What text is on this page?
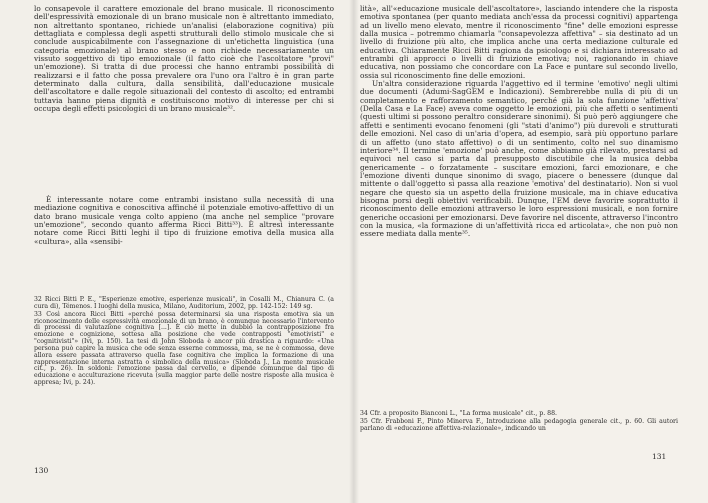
lo consapevole il carattere emozionale del brano musicale. Il riconoscimento dell'espressività emozionale di un brano musicale non è altrettanto immediato, non altrettanto spontaneo, richiede un'analisi (elaborazione cognitiva) più dettagliata e complessa degli aspetti strutturali dello stimolo musicale che si conclude auspicabilmente con l'assegnazione di un'etichetta linguistica (una categoria emozionale) al brano stesso e non richiede necessariamente un vissuto soggettivo di tipo emozionale (il fatto cioè che l'ascoltatore "provi" un'emozione). Si tratta di due processi che hanno entrambi possibilità di realizzarsi e il fatto che possa prevalere ora l'uno ora l'altro è in gran parte determinato dalla cultura, dalla sensibilità, dall'educazione musicale dell'ascoltatore e dalle regole situazionali del contesto di ascolto; ed entrambi tuttavia hanno piena dignità e costituiscono motivo di interesse per chi si occupa degli effetti psicologici di un brano musicale³².

È interessante notare come entrambi insistano sulla necessità di una mediazione cognitiva e conoscitiva affinché il potenziale emotivo-affettivo di un dato brano musicale venga colto appieno (ma anche nel semplice "provare un'emozione", secondo quanto afferma Ricci Bitti³³). È altresì interessante notare come Ricci Bitti leghi il tipo di fruizione emotiva della musica alla «cultura», alla «sensibi-

32 Ricci Bitti P. E., "Esperienze emotive, esperienze musicali", in Cosalli M., Chianura C. (a cura di), Témenos. I luoghi della musica, Milano, Auditorium, 2002, pp. 142-152: 149 sg.

33 Così ancora Ricci Bitti «perché possa determinarsi sia una risposta emotiva sia un riconoscimento delle espressività emozionale di un brano, è comunque necessario l'intervento di processi di valutazione cognitiva [...]. È ciò mette in dubbio la contrapposizione fra emozione e cognizione, sottesa alla posizione che vede contrapposti "emotivisti" e "cognitivisti"» (Ivi, p. 150). La tesi di John Sloboda è ancor più drastica a riguardo: «Una persona può capire la musica che ode senza esserne commossa, ma, se ne è commossa, deve allora essere passata attraverso quella fase cognitiva che implica la formazione di una rappresentazione interna astratta o simbolica della musica» (Sloboda J., La mente musicale cit., p. 26). In soldoni: l'emozione passa dal cervello, e dipende comunque dal tipo di educazione e acculturazione ricevuta (sulla maggior parte delle nostre risposte alla musica è appresa; Ivi, p. 24).

130

lità», all'«educazione musicale dell'ascoltatore», lasciando intendere che la risposta emotiva spontanea (per quanto mediata anch'essa da processi cognitivi) appartenga ad un livello meno elevato, mentre il riconoscimento "fine" delle emozioni espresse dalla musica – potremmo chiamarla "consapevolezza affettiva" – sia destinato ad un livello di fruizione più alto, che implica anche una certa mediazione culturale ed educativa. Chiaramente Ricci Bitti ragiona da psicologo e si dichiara interessato ad entrambi gli approcci o livelli di fruizione emotiva; noi, ragionando in chiave educativa, non possiamo che concordare con La Face e puntare sul secondo livello, ossia sul riconoscimento fine delle emozioni.

Un'altra considerazione riguarda l'aggettivo ed il termine 'emotivo' negli ultimi due documenti (Adumi-SagGEM e Indicazioni). Sembrerebbe nulla di più di un completamento e rafforzamento semantico, perché già la sola funzione 'affettiva' (Della Casa e La Face) aveva come oggetto le emozioni, più che affetti o sentimenti (questi ultimi si possono peraltro considerare sinonimi). Si può però aggiungere che affetti e sentimenti evocano fenomeni (gli "stati d'animo") più durevoli e strutturati delle emozioni. Nel caso di un'aria d'opera, ad esempio, sarà più opportuno parlare di un affetto (uno stato affettivo) o di un sentimento, colto nel suo dinamismo interiore³⁴. Il termine 'emozione' può anche, come abbiamo già rilevato, prestarsi ad equivoci nel caso si parta dal presupposto discutibile che la musica debba genericamente – o forzatamente – suscitare emozioni, farci emozionare, e che l'emozione diventi dunque sinonimo di svago, piacere o benessere (dunque dal mittente o dall'oggetto si passa alla reazione 'emotiva' del destinatario). Non si vuol negare che questo sia un aspetto della fruizione musicale, ma in chiave educativa bisogna porsi degli obiettivi verificabili. Dunque, l'EM deve favorire soprattutto il riconoscimento delle emozioni attraverso le loro espressioni musicali, e non fornire generiche occasioni per emozionarsi. Deve favorire nel discente, attraverso l'incontro con la musica, «la formazione di un'affettività ricca ed articolata», che non può non essere mediata dalla mente³⁵.

34 Cfr. a proposito Bianconi L., "La forma musicale" cit., p. 88.

35 Cfr. Frabboni F., Pinto Minerva F., Introduzione alla pedagogia generale cit., p. 60. Gli autori parlano di «educazione affettiva-relazionale», indicando un

131
